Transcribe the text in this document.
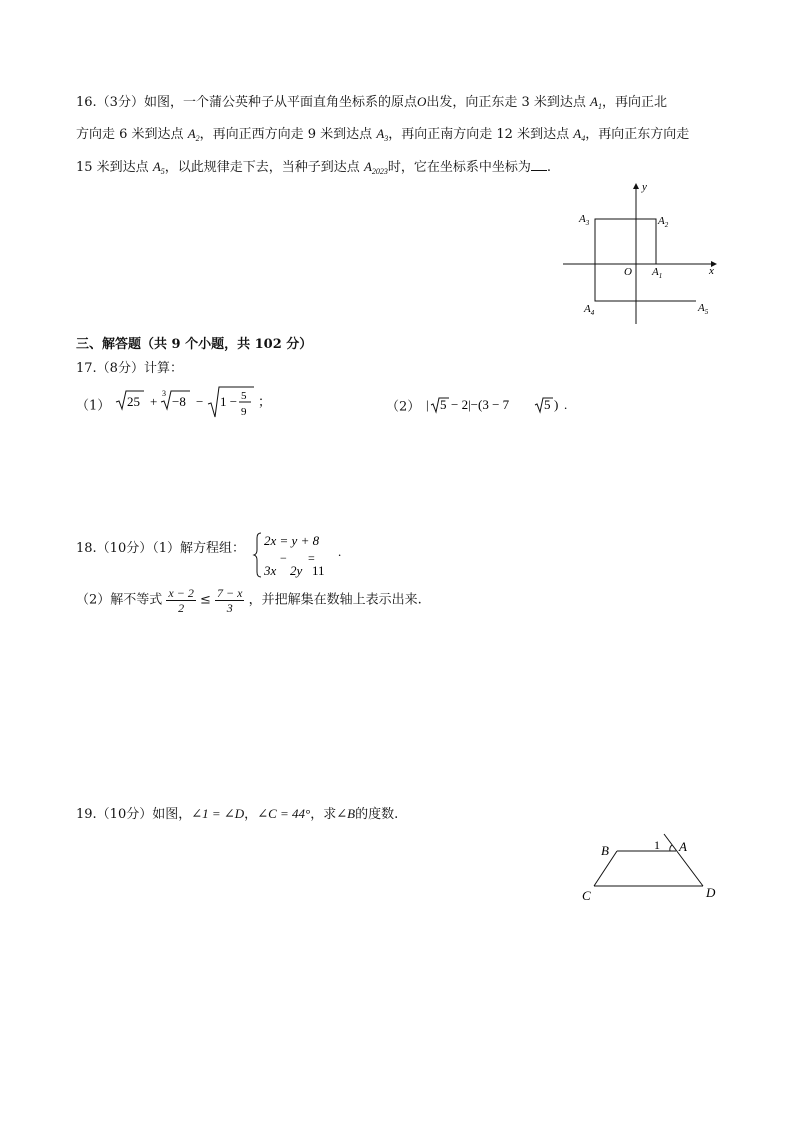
16.（3分）如图，一个蒲公英种子从平面直角坐标系的原点O出发，向正东走 3 米到达点 $A_1$，再向正北
方向走 6 米到达点 $A_2$，再向正西方向走 9 米到达点 $A_3$，再向正南方向走 12 米到达点 $A_4$，再向正东方向走
15 米到达点 $A_5$，以此规律走下去，当种子到达点 $A_{2023}$时，它在坐标系中坐标为 .
y
x
O $A_1$
$A_2$
$A_3$
$A_4$	$A_5$
三、解答题（共 9 个小题，共 102 分）
17.（8分）计算：
（1） 25 +
3
−8 − 1 − 5
9
；	（2） | 5 − 2|−(3 − 7	5 ) .
18.（10分）（1）解方程组：
2x = y + 8
3x
−
2y
=
11
.
（2）解不等式 $\frac{x - 2}{2} \le \frac{7 - x}{3}$ ，并把解集在数轴上表示出来.
19.（10分）如图，∠1 = ∠D，∠C = 44°，求∠B的度数.
1 A
B
C	D
